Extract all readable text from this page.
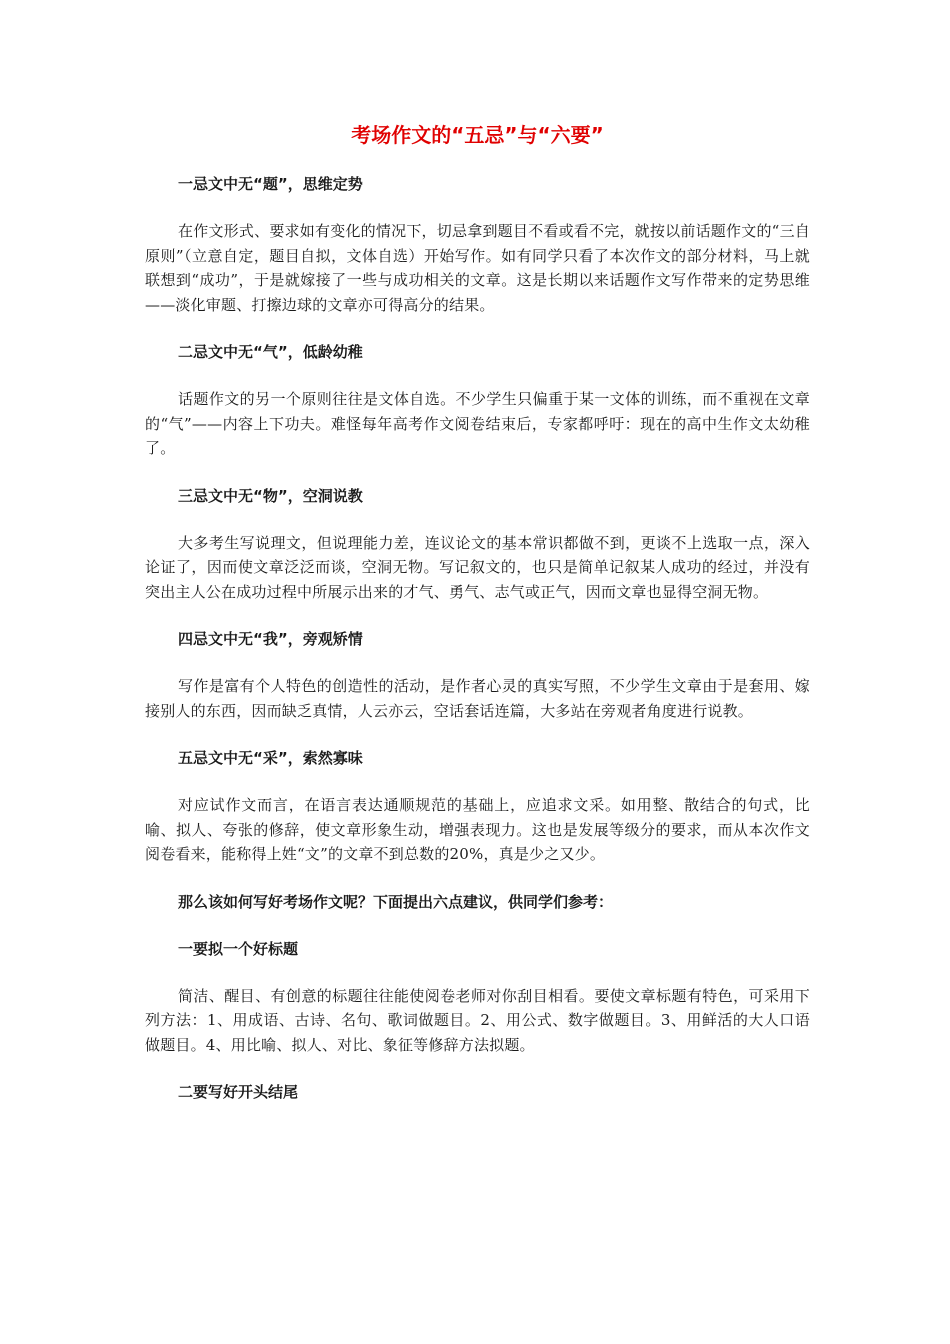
考场作文的“五忌”与“六要”
一忌文中无“题”，思维定势

在作文形式、要求如有变化的情况下，切忌拿到题目不看或看不完，就按以前话题作文的“三自原则”（立意自定，题目自拟，文体自选）开始写作。如有同学只看了本次作文的部分材料，马上就联想到“成功”，于是就嫁接了一些与成功相关的文章。这是长期以来话题作文写作带来的定势思维——淡化审题、打擦边球的文章亦可得高分的结果。

二忌文中无“气”，低龄幼稚

话题作文的另一个原则往往是文体自选。不少学生只偏重于某一文体的训练，而不重视在文章的“气”——内容上下功夫。难怪每年高考作文阅卷结束后，专家都呼吁：现在的高中生作文太幼稚了。

三忌文中无“物”，空洞说教

大多考生写说理文，但说理能力差，连议论文的基本常识都做不到，更谈不上选取一点，深入论证了，因而使文章泛泛而谈，空洞无物。写记叙文的，也只是简单记叙某人成功的经过，并没有突出主人公在成功过程中所展示出来的才气、勇气、志气或正气，因而文章也显得空洞无物。

四忌文中无“我”，旁观矫情

写作是富有个人特色的创造性的活动，是作者心灵的真实写照，不少学生文章由于是套用、嫁接别人的东西，因而缺乏真情，人云亦云，空话套话连篇，大多站在旁观者角度进行说教。

五忌文中无“采”，索然寡味

对应试作文而言，在语言表达通顺规范的基础上，应追求文采。如用整、散结合的句式，比喻、拟人、夸张的修辞，使文章形象生动，增强表现力。这也是发展等级分的要求，而从本次作文阅卷看来，能称得上姓“文”的文章不到总数的20%，真是少之又少。

那么该如何写好考场作文呢？下面提出六点建议，供同学们参考：
一要拟一个好标题

简洁、醒目、有创意的标题往往能使阅卷老师对你刮目相看。要使文章标题有特色，可采用下列方法：1、用成语、古诗、名句、歌词做题目。2、用公式、数字做题目。3、用鲜活的大人口语做题目。4、用比喻、拟人、对比、象征等修辞方法拟题。

二要写好开头结尾
